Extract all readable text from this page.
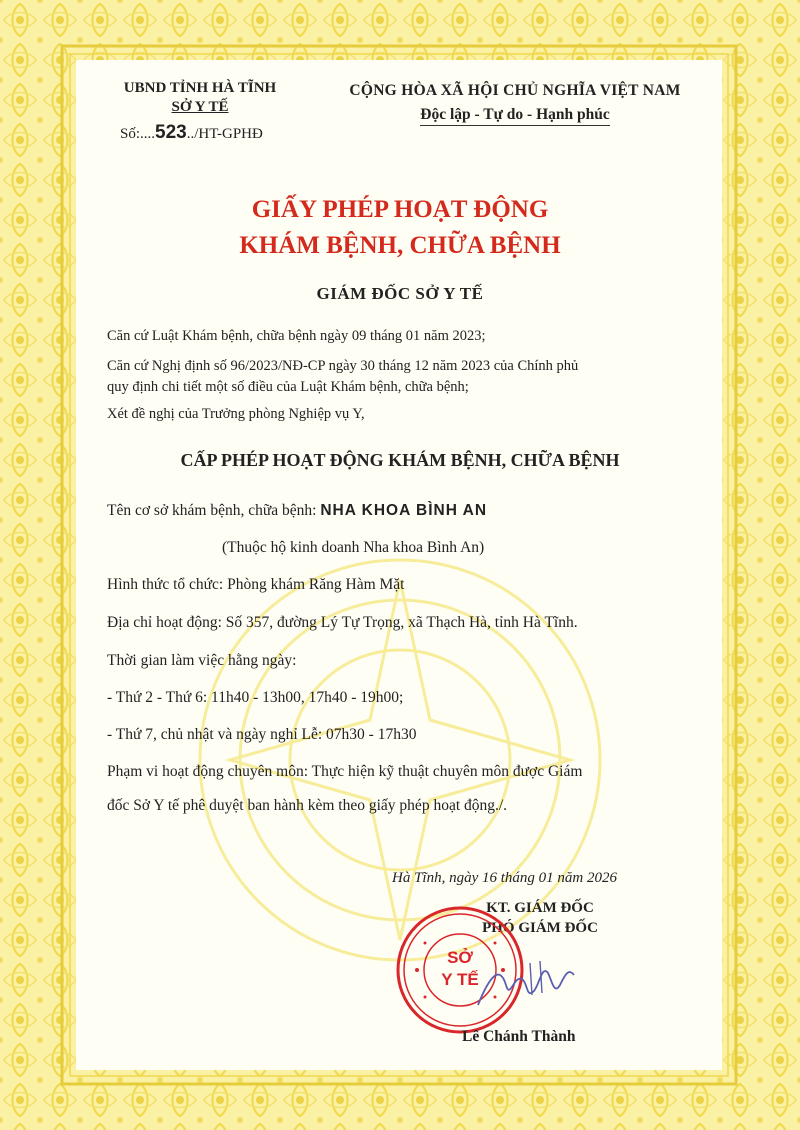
UBND TỈNH HÀ TĨNH
SỞ Y TẾ
Số:....523../HT-GPHĐ
CỘNG HÒA XÃ HỘI CHỦ NGHĨA VIỆT NAM
Độc lập - Tự do - Hạnh phúc
GIẤY PHÉP HOẠT ĐỘNG
KHÁM BỆNH, CHỮA BỆNH
GIÁM ĐỐC SỞ Y TẾ
Căn cứ Luật Khám bệnh, chữa bệnh ngày 09 tháng 01 năm 2023;
Căn cứ Nghị định số 96/2023/NĐ-CP ngày 30 tháng 12 năm 2023 của Chính phủ
quy định chi tiết một số điều của Luật Khám bệnh, chữa bệnh;
Xét đề nghị của Trưởng phòng Nghiệp vụ Y,
CẤP PHÉP HOẠT ĐỘNG KHÁM BỆNH, CHỮA BỆNH
Tên cơ sở khám bệnh, chữa bệnh: NHA KHOA BÌNH AN
(Thuộc hộ kinh doanh Nha khoa Bình An)
Hình thức tổ chức: Phòng khám Răng Hàm Mặt
Địa chỉ hoạt động: Số 357, đường Lý Tự Trọng, xã Thạch Hà, tỉnh Hà Tĩnh.
Thời gian làm việc hằng ngày:
- Thứ 2 - Thứ 6: 11h40 - 13h00, 17h40 - 19h00;
- Thứ 7, chủ nhật và ngày nghỉ Lễ: 07h30 - 17h30
Phạm vi hoạt động chuyên môn: Thực hiện kỹ thuật chuyên môn được Giám
đốc Sở Y tế phê duyệt ban hành kèm theo giấy phép hoạt động./.
Hà Tĩnh, ngày 16 tháng 01 năm 2026
KT. GIÁM ĐỐC
PHÓ GIÁM ĐỐC
SỞ
Y TẾ
Lê Chánh Thành
